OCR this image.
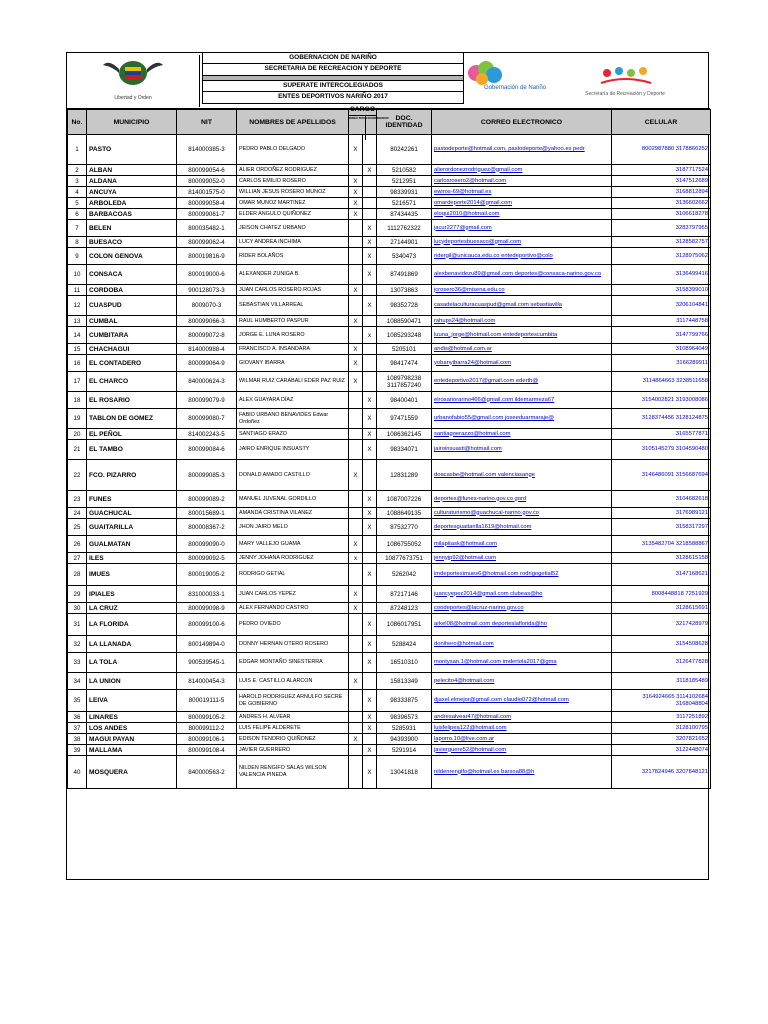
Libertad y Orden
GOBERNACION DE NARIÑO
SECRETARIA DE RECREACION Y DEPORTE
SUPERATE INTERCOLEGIADOS
ENTES DEPORTIVOS NARIÑO 2017
Gobernación de Nariño
Secretaría de Recreación y Deporte
No.	MUNICIPIO	NIT	NOMBRES DE APELLIDOS	CARGO
DIRECTOR COORDINADOR		DOC. IDENTIDAD	CORREO ELECTRONICO	CELULAR
1	PASTO	814000385-3	PEDRO PABLO DELGADO	X		80242261	pastodeporte@hotmail.com, pastodeporte@yahoo.es pedr	8002987880 3178866252
2	ALBAN	800099054-6	ALIER ORDOÑEZ RODRIGUEZ		X	5210582	alierordonezrodriguez@gmail.com	3187717524
3	ALDANA	800099052-0	CARLOS EMILIO ROSERO	X		5212951	carlosrosero2@hotmail.com	3147512689
4	ANCUYA	814001575-0	WILLIAN JESUS ROSERO MUNOZ	X		98339931	ewiros-69@hotmail.es	3168812894
5	ARBOLEDA	800099058-4	OMAR MUNOZ MARTINEZ	X		5216571	omardeporte2014@gmail.com	3136602662
6	BARBACOAS	800099061-7	ELDER ANGULO QUIÑONEZ	X		87434435	eloqui2010@hotmail.com	3106618278
7	BELEN	800035482-1	JEISON CHATEZ URBANO		X	1112762322	jacur2277@gmail.com	3283797955
8	BUESACO	800099062-4	LUCY ANDREA INCHIMA		X	27144901	lucydeportesbuesaco@gmail.com	3128582757
9	COLON GENOVA	800019816-9	RIDER BOLAÑOS		X	5340473	ridergil@unicauca.edu.co entedeportivo@colo	3128975062
10	CONSACA	800019000-6	ALEXANDER ZUNIGA B.		X	87491869	alexbenavidezu89@gmail.com deportes@consaca-narino.gov.co	3136499416
11	CORDOBA	900128073-3	JUAN CARLOS ROSERO ROJAS	X		13073863	jcrosero36@misena.edu.co	3158399010
12	CUASPUD	8009070-3	SEBASTIAN VILLARREAL		X	98352728	casadelaculturacuaspud@gmail.com sebastiavilla	3206104841
13	CUMBAL	800099066-3	RAUL HUMBERTO PASPUR	X		1088590471	rahups24@hotmail.com	3117448758
14	CUMBITARA	800099072-8	JORGE E. LUNA ROSERO		x	1085293248	luuna_jorge@hotmail.com entedeportescumbita	3147799766
15	CHACHAGUI	814000988-4	FRANCISCO A. INSANDARA	X		5205101	andis@hotmail.com.ar	3108964049
16	EL CONTADERO	800099064-9	GIOVANY IBARRA	X		98417474	yobanyibarra24@hotmail.com	3166289911
17	EL CHARCO	840000624-3	WILMAR RUIZ CARABALI EDER PAZ RUIZ	X		1089798238 3117857240	entedeportivo2017@gmail.com ederth@	3114864663 3238511658
18	EL ROSARIO	800099079-9	ALEX GUAYARA DÍAZ		X	98400401	elrosariorarino466@gmail.com ildemarmeza67	3154002821 3193008086
19	TABLON DE GOMEZ	800099080-7	FABIO URBANO BENAVIDES Edwar Ordoñez		X	97471559	urbanofabio55@gmail.com joseeduarmaraje@	3128374456 3128124875
20	EL PEÑOL	814002243-5	SANTIAGO ERAZO		X	1086362145	santiagoerazzo@hotmail.com	3165577871
21	EL TAMBO	800099084-6	JAIRO ENRIQUE INSUASTY		X	98334071	jairoinsuasti@hotmail.com	3105145279 3104590480
22	FCO. PIZARRO	800099085-3	DONALD AMADO CASTILLO	X		12831289	doacasbe@hotmail.com valenciasange	3146486091 3156687694
23	FUNES	800099089-2	MANUEL JUVENAL GORDILLO		X	1087007226	deportes@funes-narino.gov.co gord	3104682618
24	GUACHUCAL	800015689-1	AMANDA CRISTINA VILANEZ		X	1088649135	culturaturismo@guachucal-narino.gov.co	3176989121
25	GUAITARILLA	800008367-2	JHON JAIRO MELO		X	87532770	deportesguaitarilla1619@hotmail.com	3158317297
26	GUALMATAN	800099090-0	MARY VALLEJO GUAMA	X		1086755052	milapitask@hotmail.com	3135482704 3218588867
27	ILES	800099092-5	JENNY JOHANA RODRIGUEZ	x		10877673751	jennyjp92@hotmail.com	3128615158
28	IMUES	800019005-2	RODRIGO GETIAL		X	5262042	imdeportesimues6@hotmail.com rodrigogetial52	3147168621
29	IPIALES	831000033-1	JUAN CARLOS YEPEZ	X		87217146	juancyepez2014@gmail.com clubeas@ho	8008448818 7251929
30	LA CRUZ	800099098-9	ALEX FERNANDO CASTRO	X		87248123	coodeportes@lacruz-narino.gov.co	3128615691
31	LA FLORIDA	800099100-6	PEDRO OVIEDO		X	1086017951	arkel08@hotmail.com deporteslaflorida@ho	3217428979
32	LA LLANADA	800149894-0	DONNY HERNAN OTERO ROSERO		X	5288424	donihero@hotmail.com	3154508628
33	LA TOLA	900539545-1	EDGAR MONTAÑO SINESTERRA		X	16510310	montysan.1@hotmail.com imdertola2017@gma	3126477828
34	LA UNION	814000454-3	LUIS E. CASTILLO ALARCON	X		15813349	pelecito4@hotmail.com	3118185489
35	LEIVA	800019111-5	HAROLD RODRIGUEZ ARNULFO SECRE DE GOBIERNO		X	98333875	djaxel.elmejor@gmail.com claudio072@hotmail.com	3164924665 3114102684 3168048804
36	LINARES	800099105-2	ANDRES H. ALVEAR		X	98396573	andresalvear47@hotmail.com	3117251892
37	LOS ANDES	800099112-2	LUIS FELIPE ALDERETE		X	5285931	luisfelipea122@hotmail.com	3128100795
38	MAGUI PAYAN	800099106-1	EDISON TENORIO QUIÑONEZ	X		94393900	laporro.10@live.com.ar	3207821652
39	MALLAMA	800099108-4	JAVIER GUERRERO		X	5291914	javierguere52@hotmail.com	3122448074
40	MOSQUERA	840000563-2	NILDEN RENGIFO SALAS WILSON VALENCIA PINEDA		X	13041818	nildenrengifo@hotmail.es barsoa88@h	3217824946 3207848121
